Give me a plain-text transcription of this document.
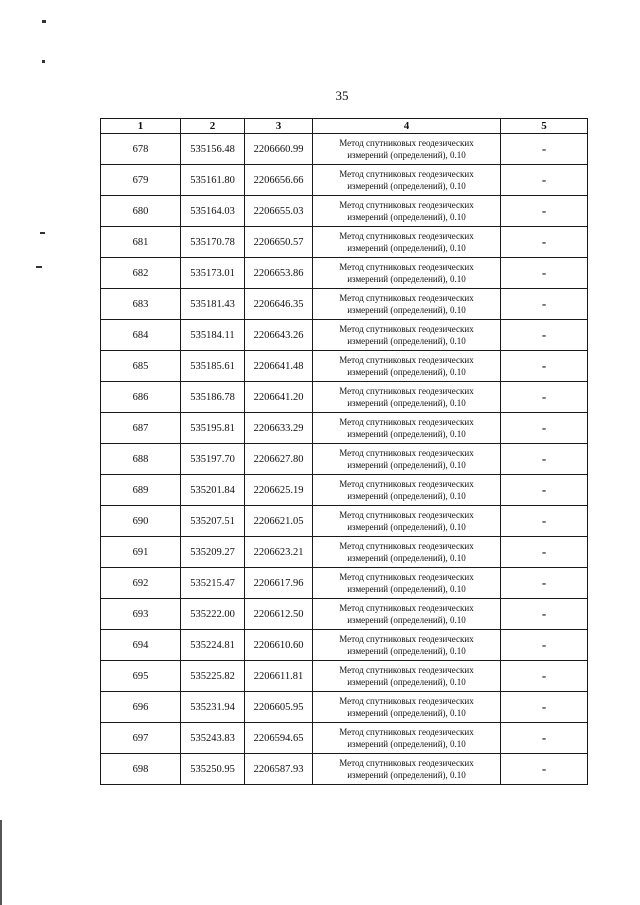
35
1	2	3	4	5
678	535156.48	2206660.99	Метод спутниковых геодезических
измерений (определений), 0.10	-
679	535161.80	2206656.66	Метод спутниковых геодезических
измерений (определений), 0.10	-
680	535164.03	2206655.03	Метод спутниковых геодезических
измерений (определений), 0.10	-
681	535170.78	2206650.57	Метод спутниковых геодезических
измерений (определений), 0.10	-
682	535173.01	2206653.86	Метод спутниковых геодезических
измерений (определений), 0.10	-
683	535181.43	2206646.35	Метод спутниковых геодезических
измерений (определений), 0.10	-
684	535184.11	2206643.26	Метод спутниковых геодезических
измерений (определений), 0.10	-
685	535185.61	2206641.48	Метод спутниковых геодезических
измерений (определений), 0.10	-
686	535186.78	2206641.20	Метод спутниковых геодезических
измерений (определений), 0.10	-
687	535195.81	2206633.29	Метод спутниковых геодезических
измерений (определений), 0.10	-
688	535197.70	2206627.80	Метод спутниковых геодезических
измерений (определений), 0.10	-
689	535201.84	2206625.19	Метод спутниковых геодезических
измерений (определений), 0.10	-
690	535207.51	2206621.05	Метод спутниковых геодезических
измерений (определений), 0.10	-
691	535209.27	2206623.21	Метод спутниковых геодезических
измерений (определений), 0.10	-
692	535215.47	2206617.96	Метод спутниковых геодезических
измерений (определений), 0.10	-
693	535222.00	2206612.50	Метод спутниковых геодезических
измерений (определений), 0.10	-
694	535224.81	2206610.60	Метод спутниковых геодезических
измерений (определений), 0.10	-
695	535225.82	2206611.81	Метод спутниковых геодезических
измерений (определений), 0.10	-
696	535231.94	2206605.95	Метод спутниковых геодезических
измерений (определений), 0.10	-
697	535243.83	2206594.65	Метод спутниковых геодезических
измерений (определений), 0.10	-
698	535250.95	2206587.93	Метод спутниковых геодезических
измерений (определений), 0.10	-
